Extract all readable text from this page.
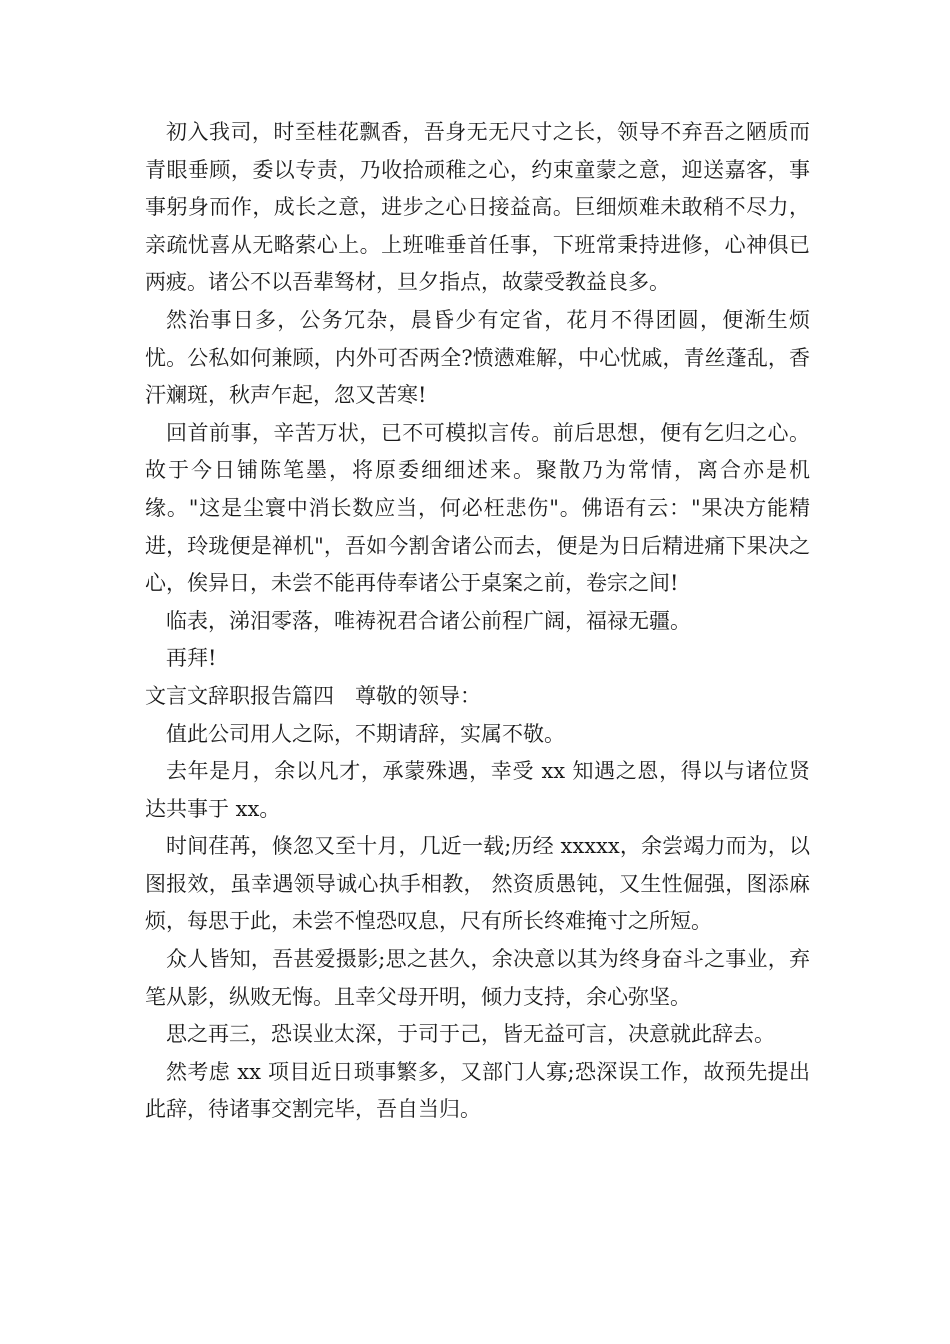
初入我司，时至桂花飘香，吾身无无尺寸之长，领导不弃吾之陋质而青眼垂顾，委以专责，乃收拾顽稚之心，约束童蒙之意，迎送嘉客，事事躬身而作，成长之意，进步之心日接益高。巨细烦难未敢稍不尽力，亲疏忧喜从无略萦心上。上班唯垂首任事，下班常秉持进修，心神俱已两疲。诸公不以吾辈驽材，旦夕指点，故蒙受教益良多。

然治事日多，公务冗杂，晨昏少有定省，花月不得团圆，便渐生烦忧。公私如何兼顾，内外可否两全?愤懑难解，中心忧戚，青丝蓬乱，香汗斓斑，秋声乍起，忽又苦寒!

回首前事，辛苦万状，已不可模拟言传。前后思想，便有乞归之心。故于今日铺陈笔墨，将原委细细述来。聚散乃为常情，离合亦是机缘。"这是尘寰中消长数应当，何必枉悲伤"。佛语有云："果决方能精进，玲珑便是禅机"，吾如今割舍诸公而去，便是为日后精进痛下果决之心，俟异日，未尝不能再侍奉诸公于桌案之前，卷宗之间!

临表，涕泪零落，唯祷祝君合诸公前程广阔，福禄无疆。

再拜!

文言文辞职报告篇四　尊敬的领导：

值此公司用人之际，不期请辞，实属不敬。

去年是月，余以凡才，承蒙殊遇，幸受 xx 知遇之恩，得以与诸位贤达共事于 xx。

时间荏苒，倏忽又至十月，几近一载;历经 xxxxx，余尝竭力而为，以图报效，虽幸遇领导诚心执手相教， 然资质愚钝，又生性倔强，图添麻烦，每思于此，未尝不惶恐叹息，尺有所长终难掩寸之所短。

众人皆知，吾甚爱摄影;思之甚久，余决意以其为终身奋斗之事业，弃笔从影，纵败无悔。且幸父母开明，倾力支持，余心弥坚。

思之再三，恐误业太深，于司于己，皆无益可言，决意就此辞去。

然考虑 xx 项目近日琐事繁多，又部门人寡;恐深误工作，故预先提出此辞，待诸事交割完毕，吾自当归。
